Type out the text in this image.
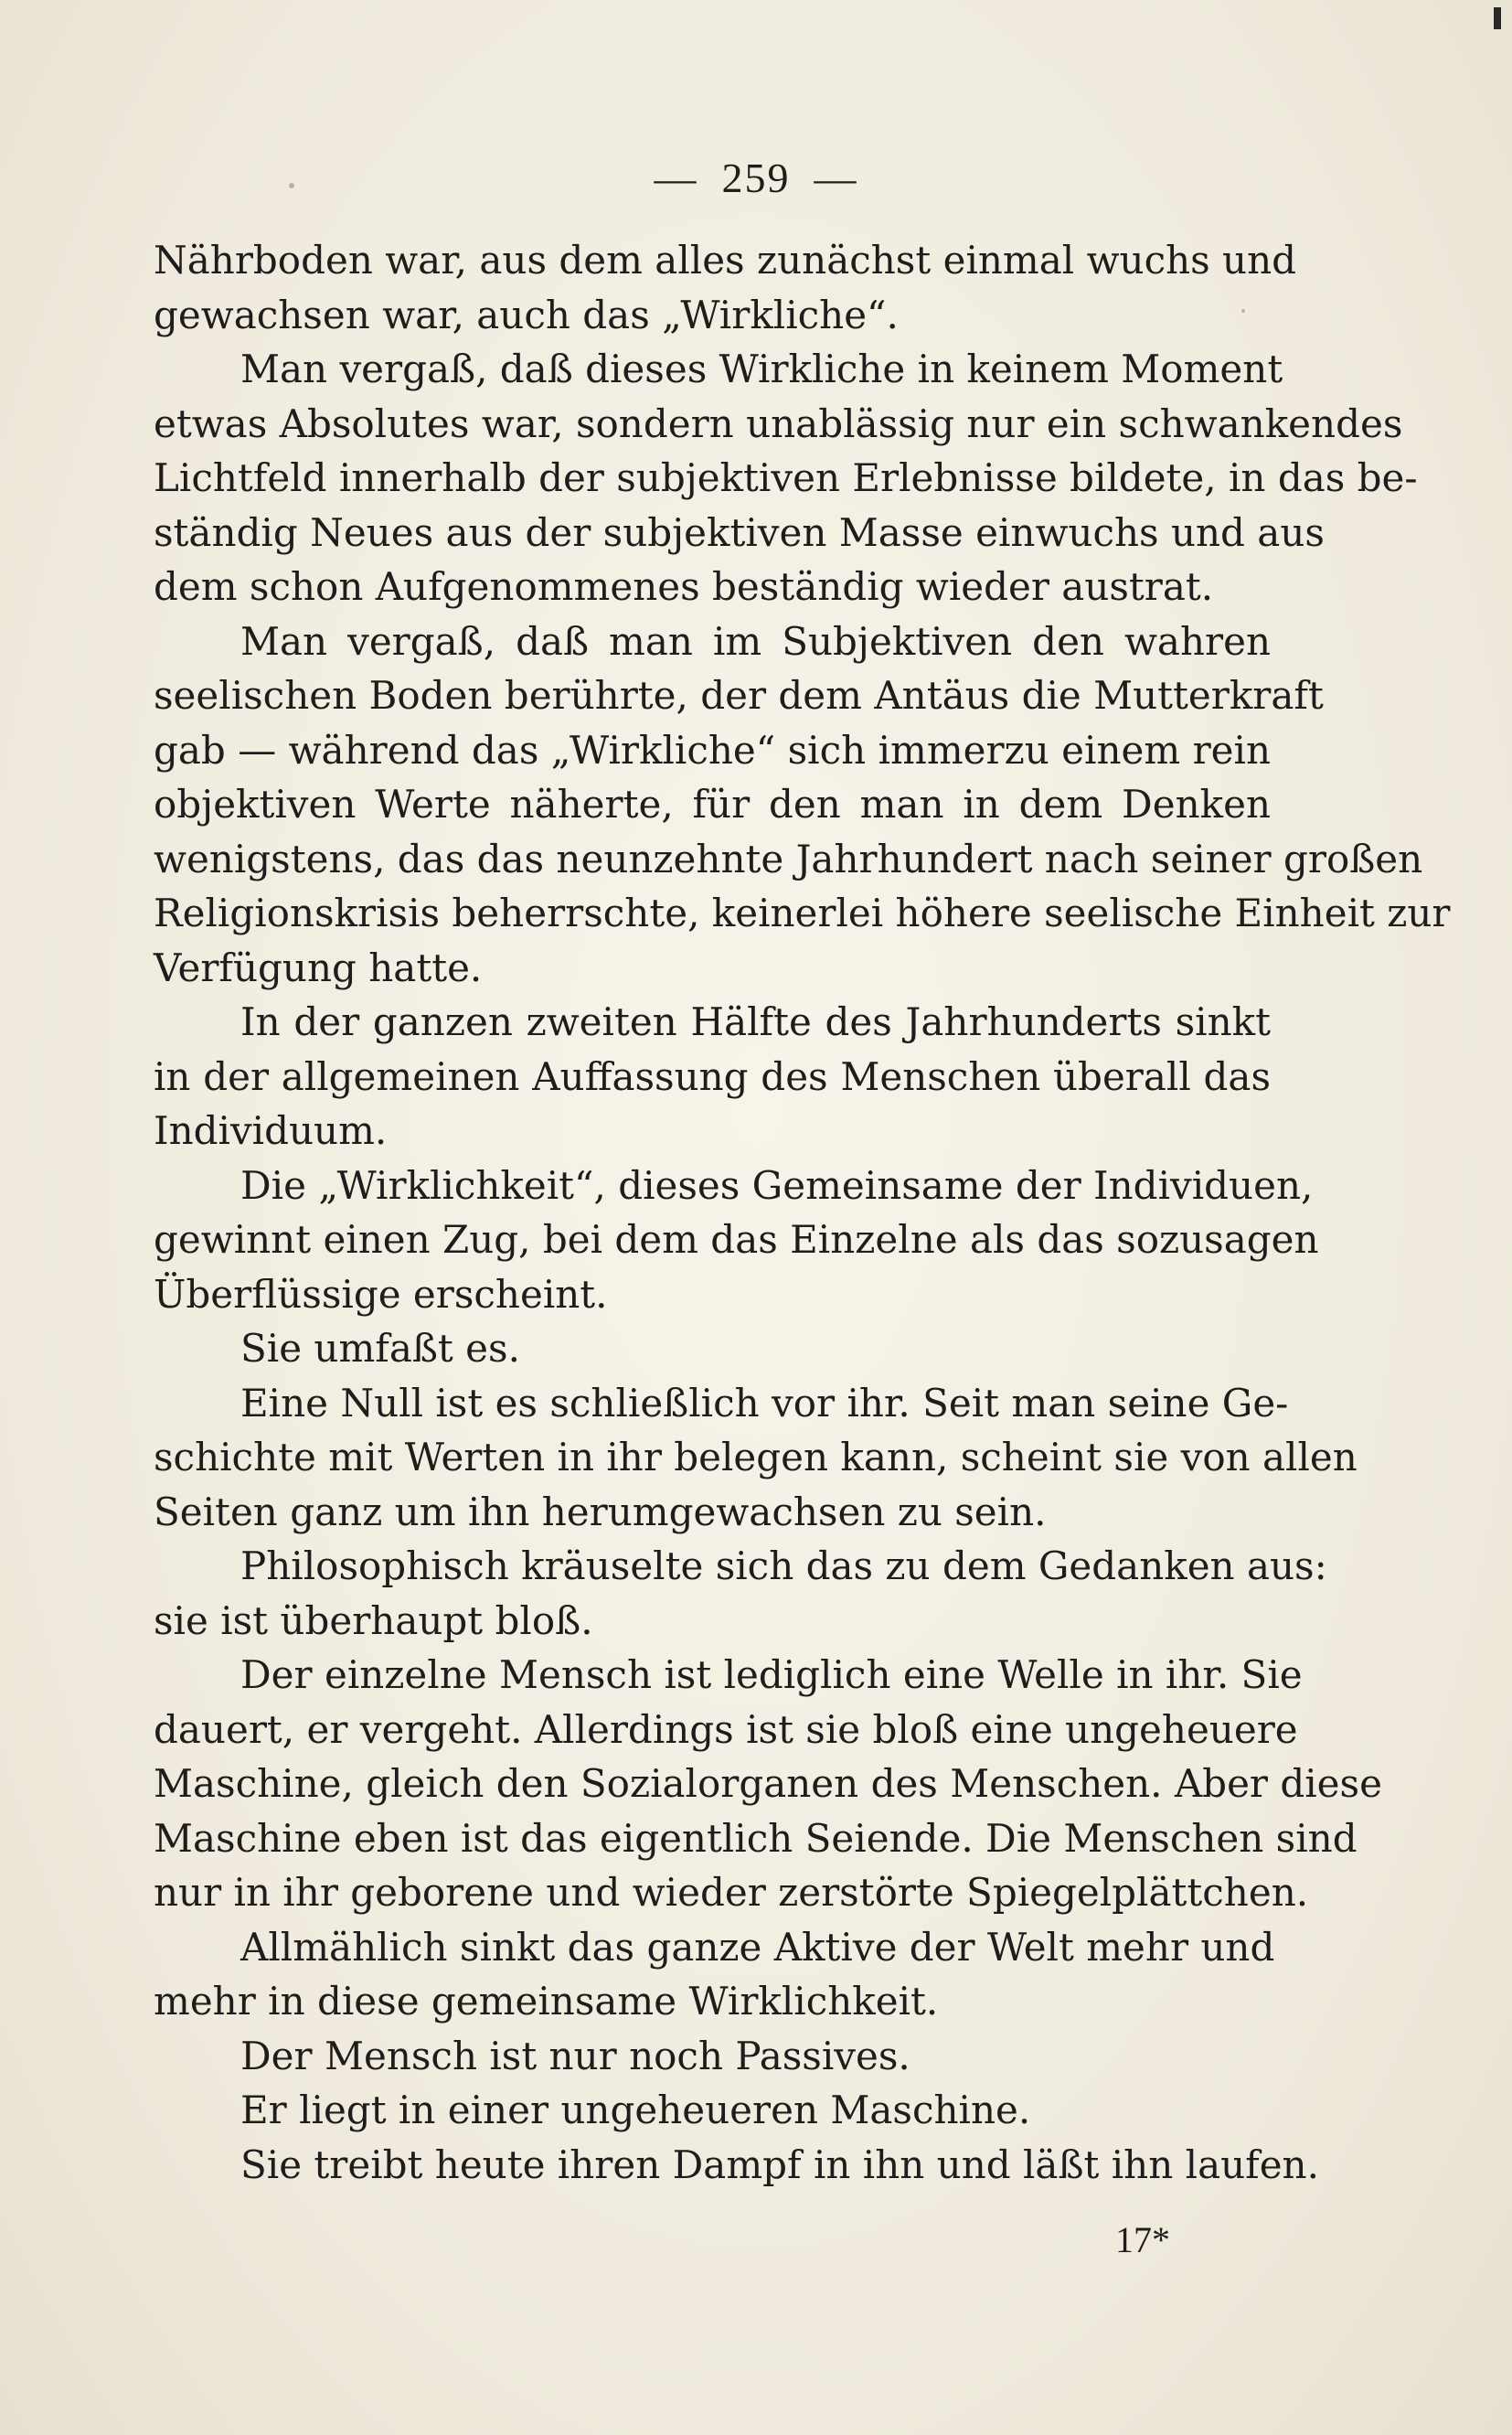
— 259 —
Nährboden war, aus dem alles zunächst einmal wuchs und
gewachsen war, auch das „Wirkliche“.
Man vergaß, daß dieses Wirkliche in keinem Moment
etwas Absolutes war, sondern unablässig nur ein schwankendes
Lichtfeld innerhalb der subjektiven Erlebnisse bildete, in das be-
ständig Neues aus der subjektiven Masse einwuchs und aus
dem schon Aufgenommenes beständig wieder austrat.
Man vergaß, daß man im Subjektiven den wahren
seelischen Boden berührte, der dem Antäus die Mutterkraft
gab — während das „Wirkliche“ sich immerzu einem rein
objektiven Werte näherte, für den man in dem Denken
wenigstens, das das neunzehnte Jahrhundert nach seiner großen
Religionskrisis beherrschte, keinerlei höhere seelische Einheit zur
Verfügung hatte.
In der ganzen zweiten Hälfte des Jahrhunderts sinkt
in der allgemeinen Auffassung des Menschen überall das
Individuum.
Die „Wirklichkeit“, dieses Gemeinsame der Individuen,
gewinnt einen Zug, bei dem das Einzelne als das sozusagen
Überflüssige erscheint.
Sie umfaßt es.
Eine Null ist es schließlich vor ihr. Seit man seine Ge-
schichte mit Werten in ihr belegen kann, scheint sie von allen
Seiten ganz um ihn herumgewachsen zu sein.
Philosophisch kräuselte sich das zu dem Gedanken aus:
sie ist überhaupt bloß.
Der einzelne Mensch ist lediglich eine Welle in ihr. Sie
dauert, er vergeht. Allerdings ist sie bloß eine ungeheuere
Maschine, gleich den Sozialorganen des Menschen. Aber diese
Maschine eben ist das eigentlich Seiende. Die Menschen sind
nur in ihr geborene und wieder zerstörte Spiegelplättchen.
Allmählich sinkt das ganze Aktive der Welt mehr und
mehr in diese gemeinsame Wirklichkeit.
Der Mensch ist nur noch Passives.
Er liegt in einer ungeheueren Maschine.
Sie treibt heute ihren Dampf in ihn und läßt ihn laufen.
17*
